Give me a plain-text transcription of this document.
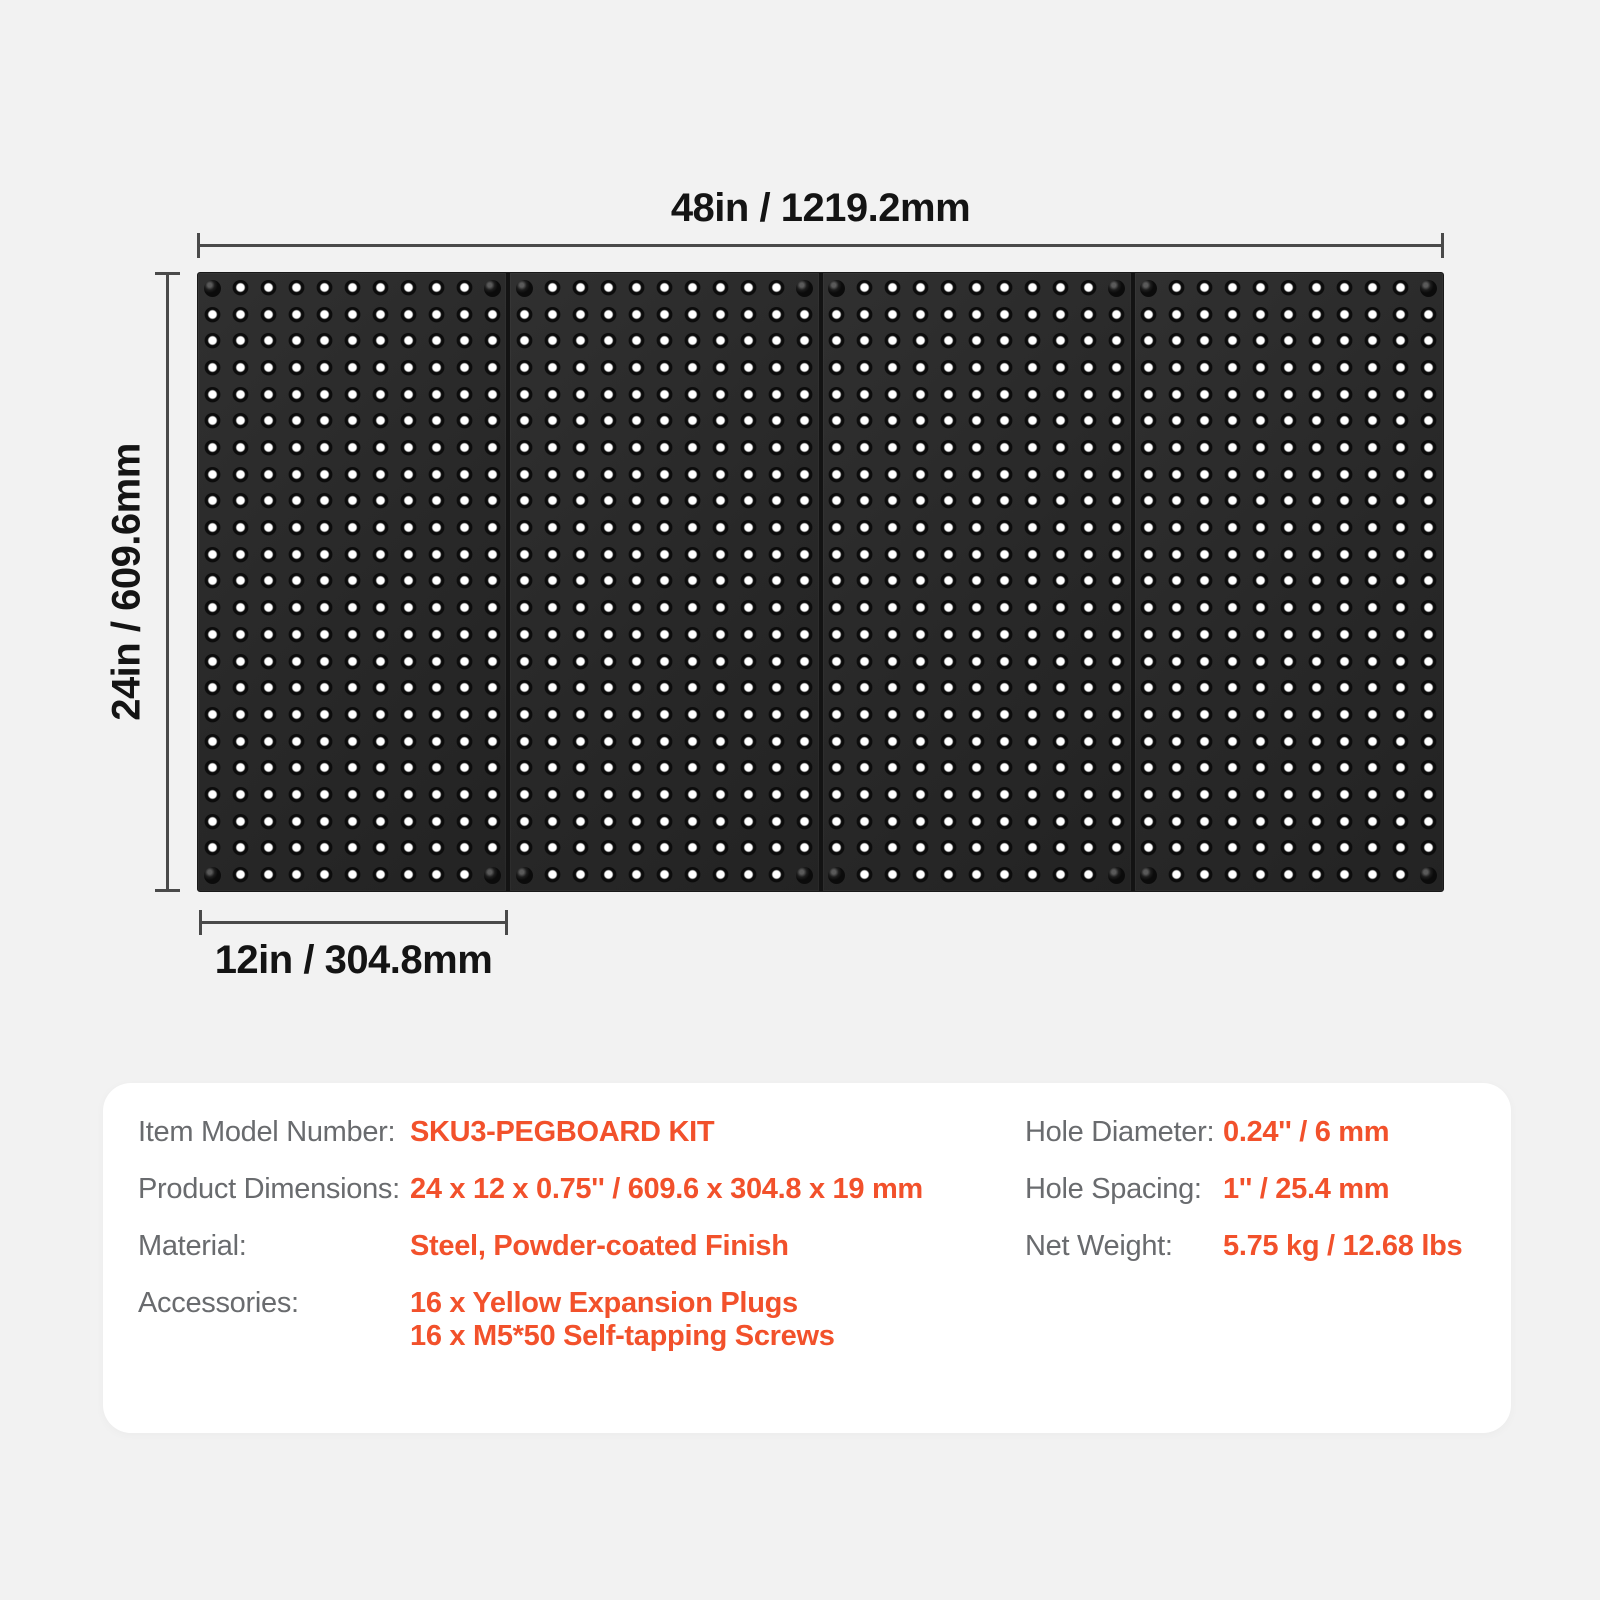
48in / 1219.2mm
24in / 609.6mm
12in / 304.8mm
Item Model Number: SKU3-PEGBOARD KIT
Product Dimensions: 24 x 12 x 0.75'' / 609.6 x 304.8 x 19 mm
Material:	Steel, Powder-coated Finish
Accessories:	16 x Yellow Expansion Plugs
16 x M5*50 Self-tapping Screws
Hole Diameter: 0.24'' / 6 mm
Hole Spacing: 1'' / 25.4 mm
Net Weight:	5.75 kg / 12.68 lbs
